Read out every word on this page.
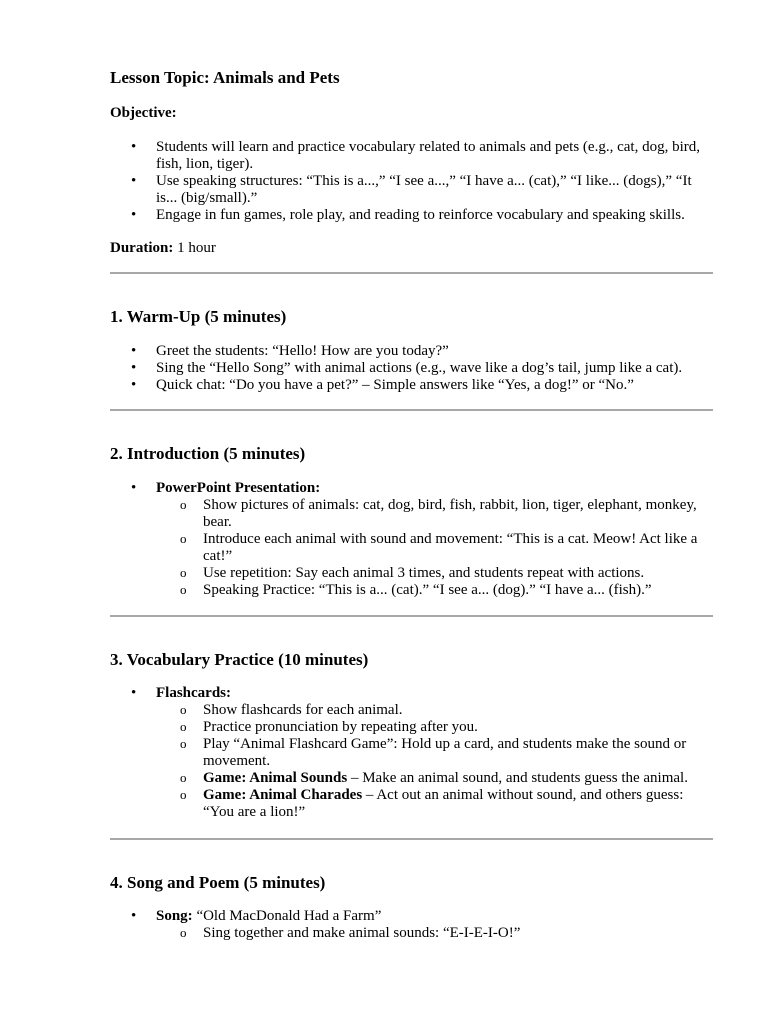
Lesson Topic: Animals and Pets

Objective:

• Students will learn and practice vocabulary related to animals and pets (e.g., cat, dog, bird, fish, lion, tiger).
• Use speaking structures: “This is a...,” “I see a...,” “I have a... (cat),” “I like... (dogs),” “It is... (big/small).”
• Engage in fun games, role play, and reading to reinforce vocabulary and speaking skills.

Duration: 1 hour

1. Warm-Up (5 minutes)
• Greet the students: “Hello! How are you today?”
• Sing the “Hello Song” with animal actions (e.g., wave like a dog’s tail, jump like a cat).
• Quick chat: “Do you have a pet?” – Simple answers like “Yes, a dog!” or “No.”
2. Introduction (5 minutes)
• PowerPoint Presentation:
o Show pictures of animals: cat, dog, bird, fish, rabbit, lion, tiger, elephant, monkey, bear.
o Introduce each animal with sound and movement: “This is a cat. Meow! Act like a cat!”
o Use repetition: Say each animal 3 times, and students repeat with actions.
o Speaking Practice: “This is a... (cat).” “I see a... (dog).” “I have a... (fish).”
3. Vocabulary Practice (10 minutes)
• Flashcards:
o Show flashcards for each animal.
o Practice pronunciation by repeating after you.
o Play “Animal Flashcard Game”: Hold up a card, and students make the sound or movement.
o Game: Animal Sounds – Make an animal sound, and students guess the animal.
o Game: Animal Charades – Act out an animal without sound, and others guess: “You are a lion!”
4. Song and Poem (5 minutes)
• Song: “Old MacDonald Had a Farm”
o Sing together and make animal sounds: “E-I-E-I-O!”
